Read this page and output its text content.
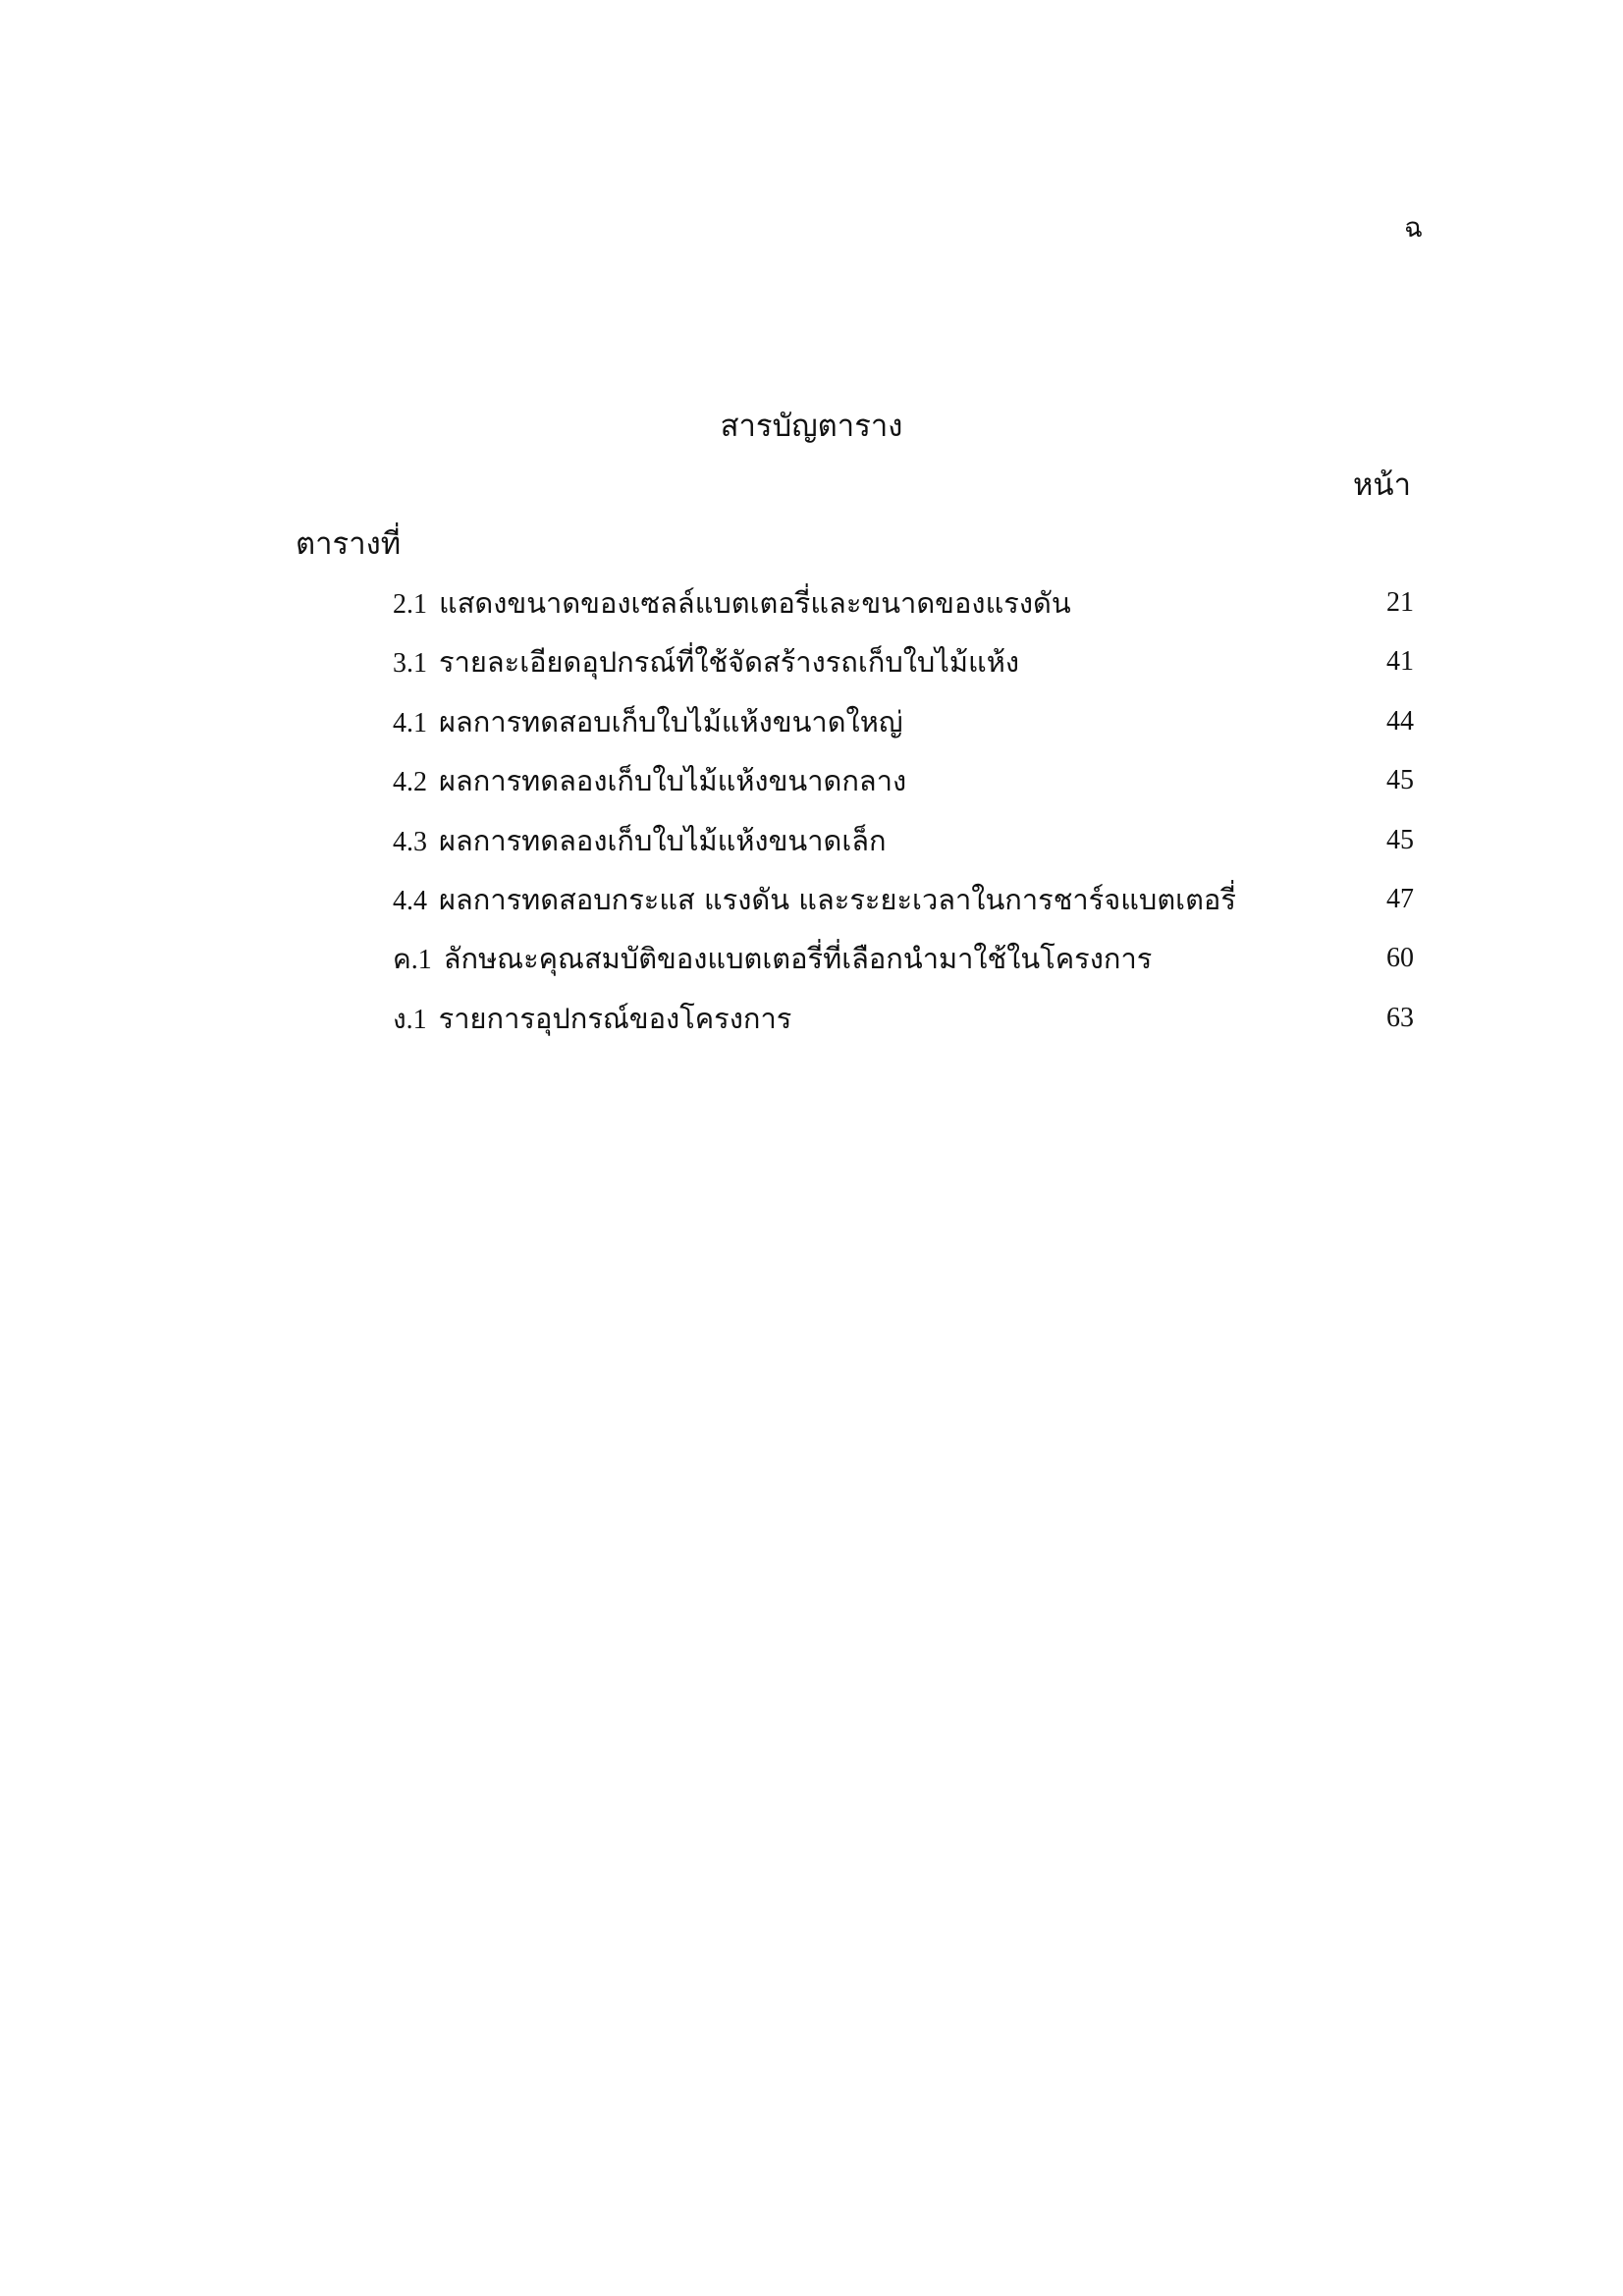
ฉ
สารบัญตาราง
หน้า
ตารางที่
2.1 แสดงขนาดของเซลล์แบตเตอรี่และขนาดของแรงดัน	21
3.1 รายละเอียดอุปกรณ์ที่ใช้จัดสร้างรถเก็บใบไม้แห้ง	41
4.1 ผลการทดสอบเก็บใบไม้แห้งขนาดใหญ่	44
4.2 ผลการทดลองเก็บใบไม้แห้งขนาดกลาง	45
4.3 ผลการทดลองเก็บใบไม้แห้งขนาดเล็ก	45
4.4 ผลการทดสอบกระแส แรงดัน และระยะเวลาในการชาร์จแบตเตอรี่	47
ค.1 ลักษณะคุณสมบัติของแบตเตอรี่ที่เลือกนำมาใช้ในโครงการ	60
ง.1 รายการอุปกรณ์ของโครงการ	63
